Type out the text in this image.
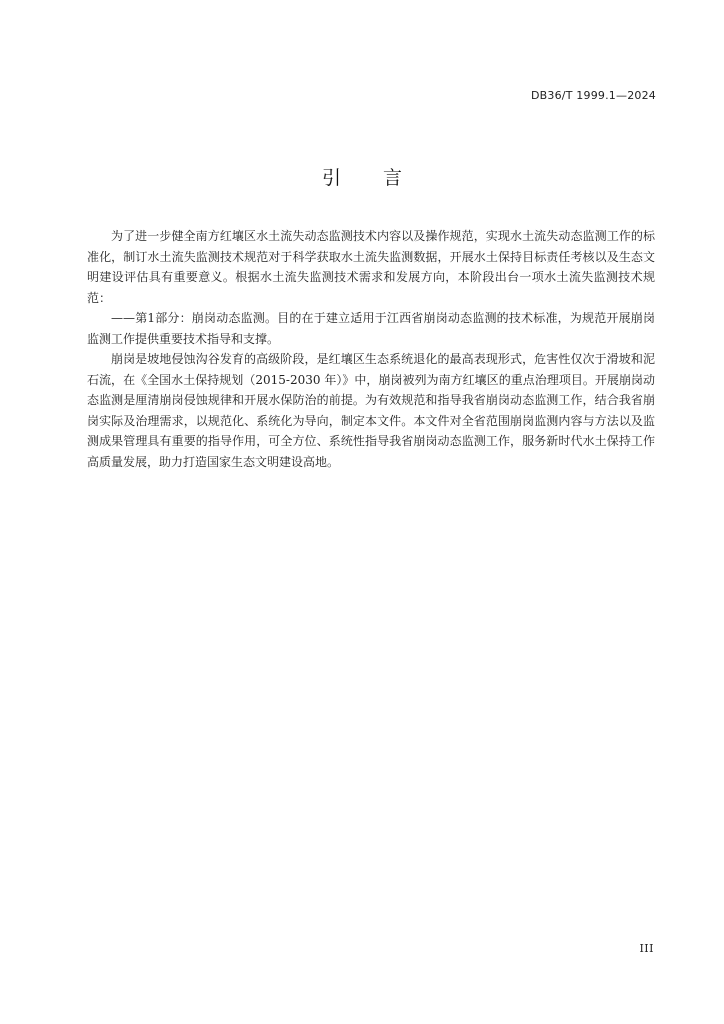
DB36/T 1999.1—2024
引 言

为了进一步健全南方红壤区水土流失动态监测技术内容以及操作规范，实现水土流失动态监测工作的标准化，制订水土流失监测技术规范对于科学获取水土流失监测数据，开展水土保持目标责任考核以及生态文明建设评估具有重要意义。根据水土流失监测技术需求和发展方向，本阶段出台一项水土流失监测技术规范：

——第1部分：崩岗动态监测。目的在于建立适用于江西省崩岗动态监测的技术标准，为规范开展崩岗监测工作提供重要技术指导和支撑。

崩岗是坡地侵蚀沟谷发育的高级阶段，是红壤区生态系统退化的最高表现形式，危害性仅次于滑坡和泥石流，在《全国水土保持规划（2015-2030 年）》中，崩岗被列为南方红壤区的重点治理项目。开展崩岗动态监测是厘清崩岗侵蚀规律和开展水保防治的前提。为有效规范和指导我省崩岗动态监测工作，结合我省崩岗实际及治理需求，以规范化、系统化为导向，制定本文件。本文件对全省范围崩岗监测内容与方法以及监测成果管理具有重要的指导作用，可全方位、系统性指导我省崩岗动态监测工作，服务新时代水土保持工作高质量发展，助力打造国家生态文明建设高地。

III
